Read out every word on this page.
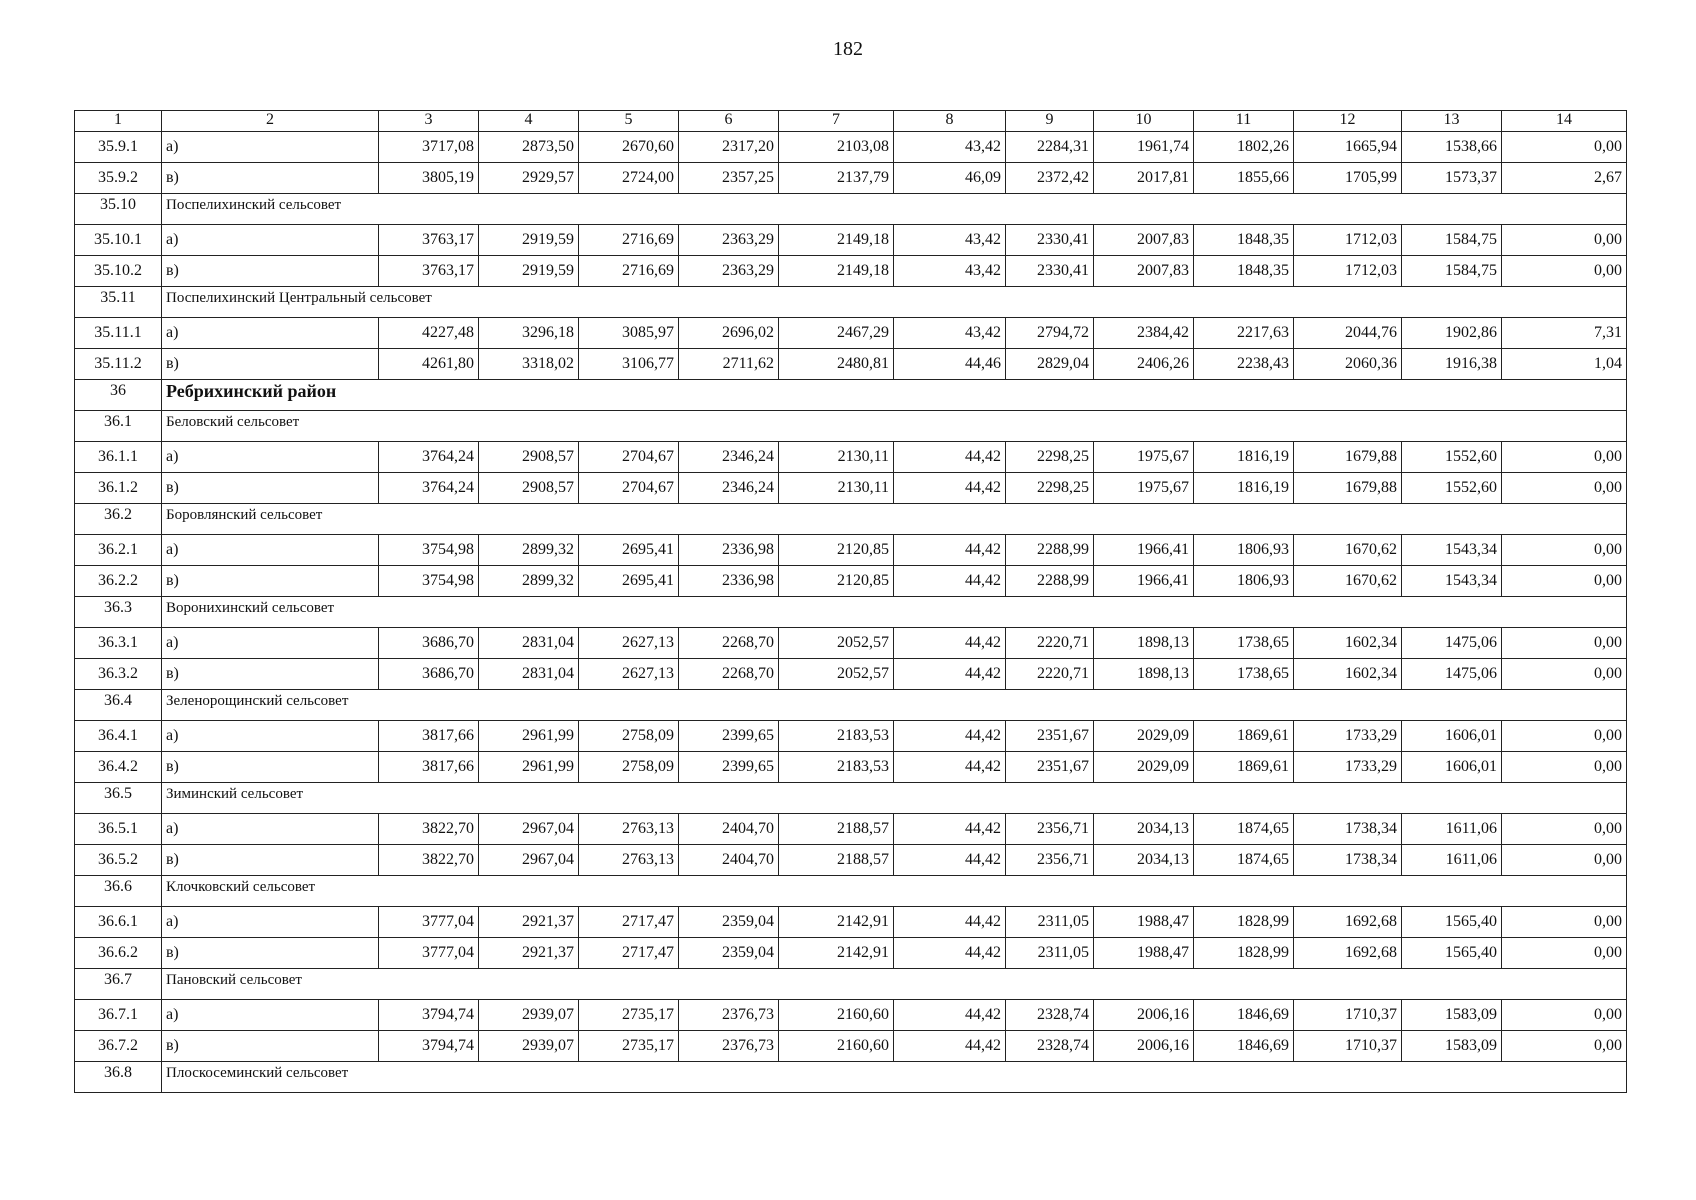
182
1	2	3	4	5	6	7	8	9	10	11	12	13	14
35.9.1	а)	3717,08	2873,50	2670,60	2317,20	2103,08	43,42	2284,31	1961,74	1802,26	1665,94	1538,66	0,00
35.9.2	в)	3805,19	2929,57	2724,00	2357,25	2137,79	46,09	2372,42	2017,81	1855,66	1705,99	1573,37	2,67
35.10	Поспелихинский сельсовет												
35.10.1	а)	3763,17	2919,59	2716,69	2363,29	2149,18	43,42	2330,41	2007,83	1848,35	1712,03	1584,75	0,00
35.10.2	в)	3763,17	2919,59	2716,69	2363,29	2149,18	43,42	2330,41	2007,83	1848,35	1712,03	1584,75	0,00
35.11	Поспелихинский Центральный сельсовет												
35.11.1	а)	4227,48	3296,18	3085,97	2696,02	2467,29	43,42	2794,72	2384,42	2217,63	2044,76	1902,86	7,31
35.11.2	в)	4261,80	3318,02	3106,77	2711,62	2480,81	44,46	2829,04	2406,26	2238,43	2060,36	1916,38	1,04
36	Ребрихинский район												
36.1	Беловский сельсовет												
36.1.1	а)	3764,24	2908,57	2704,67	2346,24	2130,11	44,42	2298,25	1975,67	1816,19	1679,88	1552,60	0,00
36.1.2	в)	3764,24	2908,57	2704,67	2346,24	2130,11	44,42	2298,25	1975,67	1816,19	1679,88	1552,60	0,00
36.2	Боровлянский сельсовет												
36.2.1	а)	3754,98	2899,32	2695,41	2336,98	2120,85	44,42	2288,99	1966,41	1806,93	1670,62	1543,34	0,00
36.2.2	в)	3754,98	2899,32	2695,41	2336,98	2120,85	44,42	2288,99	1966,41	1806,93	1670,62	1543,34	0,00
36.3	Воронихинский сельсовет												
36.3.1	а)	3686,70	2831,04	2627,13	2268,70	2052,57	44,42	2220,71	1898,13	1738,65	1602,34	1475,06	0,00
36.3.2	в)	3686,70	2831,04	2627,13	2268,70	2052,57	44,42	2220,71	1898,13	1738,65	1602,34	1475,06	0,00
36.4	Зеленорощинский сельсовет												
36.4.1	а)	3817,66	2961,99	2758,09	2399,65	2183,53	44,42	2351,67	2029,09	1869,61	1733,29	1606,01	0,00
36.4.2	в)	3817,66	2961,99	2758,09	2399,65	2183,53	44,42	2351,67	2029,09	1869,61	1733,29	1606,01	0,00
36.5	Зиминский сельсовет												
36.5.1	а)	3822,70	2967,04	2763,13	2404,70	2188,57	44,42	2356,71	2034,13	1874,65	1738,34	1611,06	0,00
36.5.2	в)	3822,70	2967,04	2763,13	2404,70	2188,57	44,42	2356,71	2034,13	1874,65	1738,34	1611,06	0,00
36.6	Клочковский сельсовет												
36.6.1	а)	3777,04	2921,37	2717,47	2359,04	2142,91	44,42	2311,05	1988,47	1828,99	1692,68	1565,40	0,00
36.6.2	в)	3777,04	2921,37	2717,47	2359,04	2142,91	44,42	2311,05	1988,47	1828,99	1692,68	1565,40	0,00
36.7	Пановский сельсовет												
36.7.1	а)	3794,74	2939,07	2735,17	2376,73	2160,60	44,42	2328,74	2006,16	1846,69	1710,37	1583,09	0,00
36.7.2	в)	3794,74	2939,07	2735,17	2376,73	2160,60	44,42	2328,74	2006,16	1846,69	1710,37	1583,09	0,00
36.8	Плоскосеминский сельсовет												
